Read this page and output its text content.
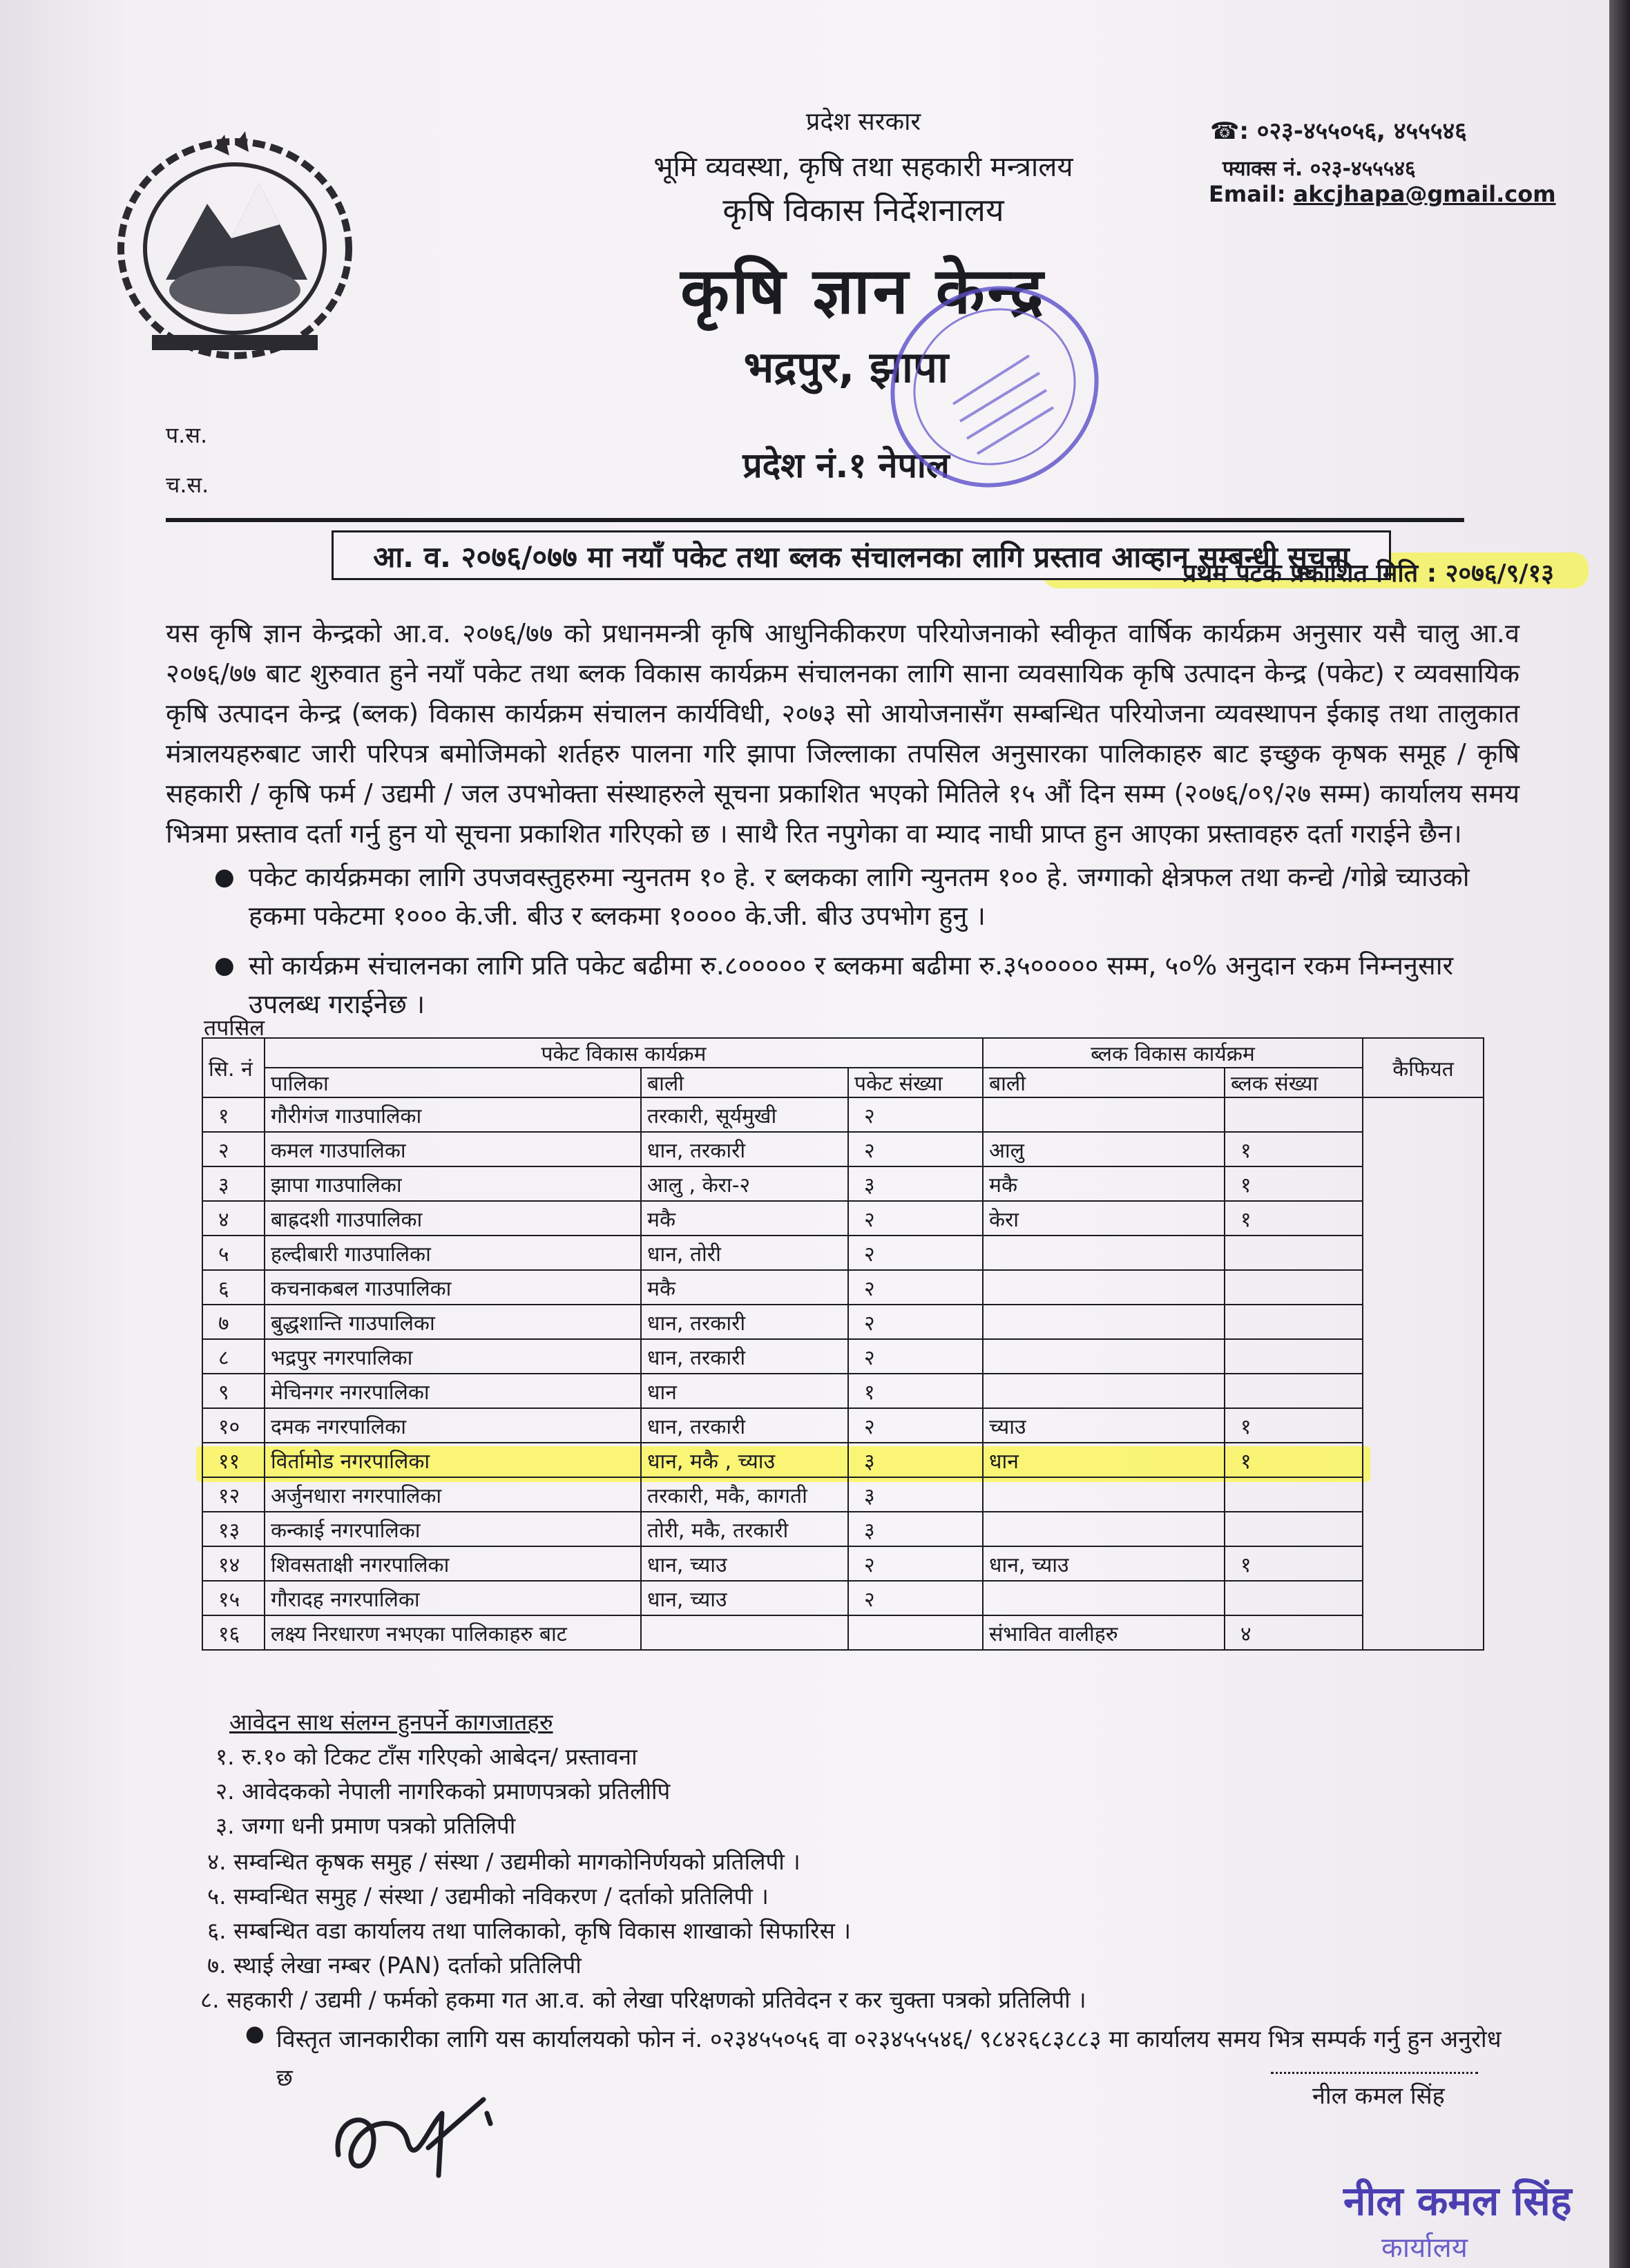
प्रदेश सरकार
भूमि व्यवस्था, कृषि तथा सहकारी मन्त्रालय
कृषि विकास निर्देशनालय
कृषि ज्ञान केन्द्र
भद्रपुर, झापा
प्रदेश नं.१ नेपाल
☎: ०२३-४५५०५६, ४५५५४६
फ्याक्स नं. ०२३-४५५५४६
Email: akcjhapa@gmail.com
प.स.
च.स.
आ. व. २०७६/०७७ मा नयाँ पकेट तथा ब्लक संचालनका लागि प्रस्ताव आव्हान सम्बन्धी सूचना
प्रथम पटक प्रकाशित मिति : २०७६/९/१३
यस कृषि ज्ञान केन्द्रको आ.व. २०७६/७७ को प्रधानमन्त्री कृषि आधुनिकीकरण परियोजनाको स्वीकृत वार्षिक कार्यक्रम अनुसार यसै चालु आ.व २०७६/७७ बाट शुरुवात हुने नयाँ पकेट तथा ब्लक विकास कार्यक्रम संचालनका लागि साना व्यवसायिक कृषि उत्पादन केन्द्र (पकेट) र व्यवसायिक कृषि उत्पादन केन्द्र (ब्लक) विकास कार्यक्रम संचालन कार्यविधी, २०७३ सो आयोजनासँग सम्बन्धित परियोजना व्यवस्थापन ईकाइ तथा तालुकात मंत्रालयहरुबाट जारी परिपत्र बमोजिमको शर्तहरु पालना गरि झापा जिल्लाका तपसिल अनुसारका पालिकाहरु बाट इच्छुक कृषक समूह / कृषि सहकारी / कृषि फर्म / उद्यमी / जल उपभोक्ता संस्थाहरुले सूचना प्रकाशित भएको मितिले १५ औं दिन सम्म (२०७६/०९/२७ सम्म) कार्यालय समय भित्रमा प्रस्ताव दर्ता गर्नु हुन यो सूचना प्रकाशित गरिएको छ । साथै रित नपुगेका वा म्याद नाघी प्राप्त हुन आएका प्रस्तावहरु दर्ता गराईने छैन।
● पकेट कार्यक्रमका लागि उपजवस्तुहरुमा न्युनतम १० हे. र ब्लकका लागि न्युनतम १०० हे. जग्गाको क्षेत्रफल तथा कन्द्ये /गोब्रे च्याउको हकमा पकेटमा १००० के.जी. बीउ र ब्लकमा १०००० के.जी. बीउ उपभोग हुनु ।
● सो कार्यक्रम संचालनका लागि प्रति पकेट बढीमा रु.८००००० र ब्लकमा बढीमा रु.३५००००० सम्म, ५०% अनुदान रकम निम्ननुसार उपलब्ध गराईनेछ ।
तपसिल
सि. नं	पकेट विकास कार्यक्रम			ब्लक विकास कार्यक्रम		कैफियत
	पालिका	बाली	पकेट संख्या	बाली	ब्लक संख्या	
१	गौरीगंज गाउपालिका	तरकारी, सूर्यमुखी	२			
२	कमल गाउपालिका	धान, तरकारी	२	आलु	१	
३	झापा गाउपालिका	आलु , केरा-२	३	मकै	१	
४	बाह्रदशी गाउपालिका	मकै	२	केरा	१	
५	हल्दीबारी गाउपालिका	धान, तोरी	२			
६	कचनाकबल गाउपालिका	मकै	२			
७	बुद्धशान्ति गाउपालिका	धान, तरकारी	२			
८	भद्रपुर नगरपालिका	धान, तरकारी	२			
९	मेचिनगर नगरपालिका	धान	१			
१०	दमक नगरपालिका	धान, तरकारी	२	च्याउ	१	
११	विर्तामोड नगरपालिका	धान, मकै , च्याउ	३	धान	१	
१२	अर्जुनधारा नगरपालिका	तरकारी, मकै, कागती	३			
१३	कन्काई नगरपालिका	तोरी, मकै, तरकारी	३			
१४	शिवसताक्षी नगरपालिका	धान, च्याउ	२	धान, च्याउ	१	
१५	गौरादह नगरपालिका	धान, च्याउ	२			
१६	लक्ष्य निरधारण नभएका पालिकाहरु बाट			संभावित वालीहरु	४	
आवेदन साथ संलग्न हुनपर्ने कागजातहरु
१. रु.१० को टिकट टाँस गरिएको आबेदन/ प्रस्तावना
२. आवेदकको नेपाली नागरिकको प्रमाणपत्रको प्रतिलीपि
३. जग्गा धनी प्रमाण पत्रको प्रतिलिपी
४. सम्वन्धित कृषक समुह / संस्था / उद्यमीको मागकोनिर्णयको प्रतिलिपी ।
५. सम्वन्धित समुह / संस्था / उद्यमीको नविकरण / दर्ताको प्रतिलिपी ।
६. सम्बन्धित वडा कार्यालय तथा पालिकाको, कृषि विकास शाखाको सिफारिस ।
७. स्थाई लेखा नम्बर (PAN) दर्ताको प्रतिलिपी
८. सहकारी / उद्यमी / फर्मको हकमा गत आ.व. को लेखा परिक्षणको प्रतिवेदन र कर चुक्ता पत्रको प्रतिलिपी ।
● विस्तृत जानकारीका लागि यस कार्यालयको फोन नं. ०२३४५५०५६ वा ०२३४५५५४६/ ९८४२६८३८८३ मा कार्यालय समय भित्र सम्पर्क गर्नु हुन अनुरोध छ
नील कमल सिंह
नील कमल सिंह
कार्यालय
